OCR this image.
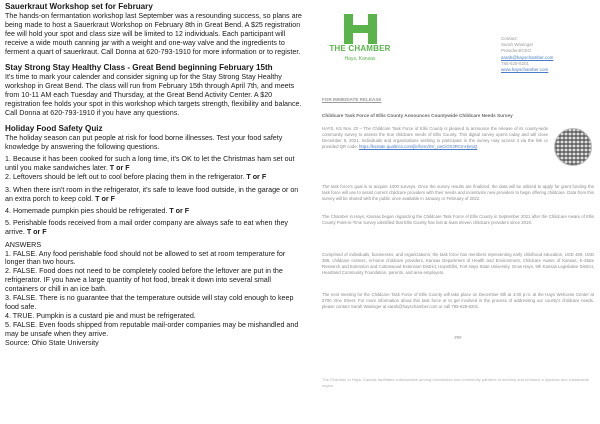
Sauerkraut Workshop set for February

The hands-on fermantation workshop last September was a resounding success, so plans are being made to host a Sauerkraut Workshop on February 8th in Great Bend. A $25 registration fee will hold your spot and class size will be limited to 12 individuals. Each participant will receive a wide mouth canning jar with a weight and one-way valve and the ingredients to ferment a quart of sauerkraut. Call Donna at 620-793-1910 for more information or to register.

Stay Strong Stay Healthy Class - Great Bend beginning February 15th

It's time to mark your calender and consider signing up for the Stay Strong Stay Healthy workshop in Great Bend. The class will run from February 15th through April 7th, and meets from 10-11 AM each Tuesday and Thursday, at the Great Bend Activity Center. A $20 registration fee holds your spot in this workshop which targets strength, flexibility and balance. Call Donna at 620-793-1910 if you have any questions.

Holiday Food Safety Quiz

The holiday season can put people at risk for food borne illnesses. Test your food safety knowledge by answering the following questions.

1. Because it has been cooked for such a long time, it's OK to let the Christmas ham set out until you make sandwiches later. T or F

2. Leftovers should be left out to cool before placing them in the refrigerator. T or F

3. When there isn't room in the refrigerator, it's safe to leave food outside, in the garage or on an extra porch to keep cold. T or F

4. Homemade pumpkin pies should be refrigerated. T or F

5. Perishable foods received from a mail order company are always safe to eat when they arrive. T or F

ANSWERS

1. FALSE. Any food perishable food should not be allowed to set at room temperature for longer than two hours.

2. FALSE. Food does not need to be completely cooled before the leftover are put in the refrigerator. IF you have a large quantity of hot food, break it down into several small containers or chill in an ice bath.

3. FALSE. There is no guarantee that the temperature outside will stay cold enough to keep food safe.

4. TRUE. Pumpkin is a custard pie and must be refrigerated.

5. FALSE. Even foods shipped from reputable mail-order companies may be mishandled and may be unsafe when they arrive.

Source: Ohio State University

THE CHAMBER
Hays, Kansas
Contact:
Sarah Wasinger
President/CEO
sarah@hayschamber.com
785-628-8201
www.hayschamber.com
FOR IMMEDIATE RELEASE
Childcare Task Force of Ellis County Announces Countywide Childcare Needs Survey
HAYS, KS Nov. 22 – The Childcare Task Force of Ellis County is pleased to announce the release of its county-wide community survey to assess the true childcare needs of Ellis County. This digital survey opens today and will close December 9, 2021. Individuals and organizations wishing to participate in the survey may access it via the link or provided QR code: https://ksstate.qualtrics.com/jfe/form/SV_cwCiOX3RCmHjVpQ
The task force's goal is to acquire 1000 surveys. Once the survey results are finalized, the data will be utilized to apply for grant funding the task force will use to assist current childcare providers with their needs and incentivize new providers to begin offering childcare. Data from this survey will be shared with the public once available in January or February of 2022.
The Chamber in Hays, Kansas began organizing the Childcare Task Force of Ellis County in September 2021 after the Childcare Aware of Ellis County Point-in-Time survey identified that Ellis County has lost at least eleven childcare providers since 2019.
Comprised of individuals, businesses, and organizations, the task force has members representing early childhood education, USD 489, USD 388, childcare centers, in-home childcare providers, Kansas Department of Health and Environment, Childcare Aware of Kansas, K-State Research and Extension and Cottonwood Extension District, Hays/Ellis, Fort Hays State University, Grow Hays, 9th Kansas Legislative District, Heartland Community Foundation, parents, and area employers.
The next meeting for the Childcare Task Force of Ellis County will take place on December 9th at 4:00 p.m. at the Hays Welcome Center at 2700 Vine Street. For more information about this task force or to get involved in the process of addressing our county's childcare needs, please contact Sarah Wasinger at sarah@hayschamber.com or call 785-628-8201.
###
The Chamber in Hays, Kansas facilitates collaboration among businesses and community partners to develop and enhance a dynamic and sustainable region.
